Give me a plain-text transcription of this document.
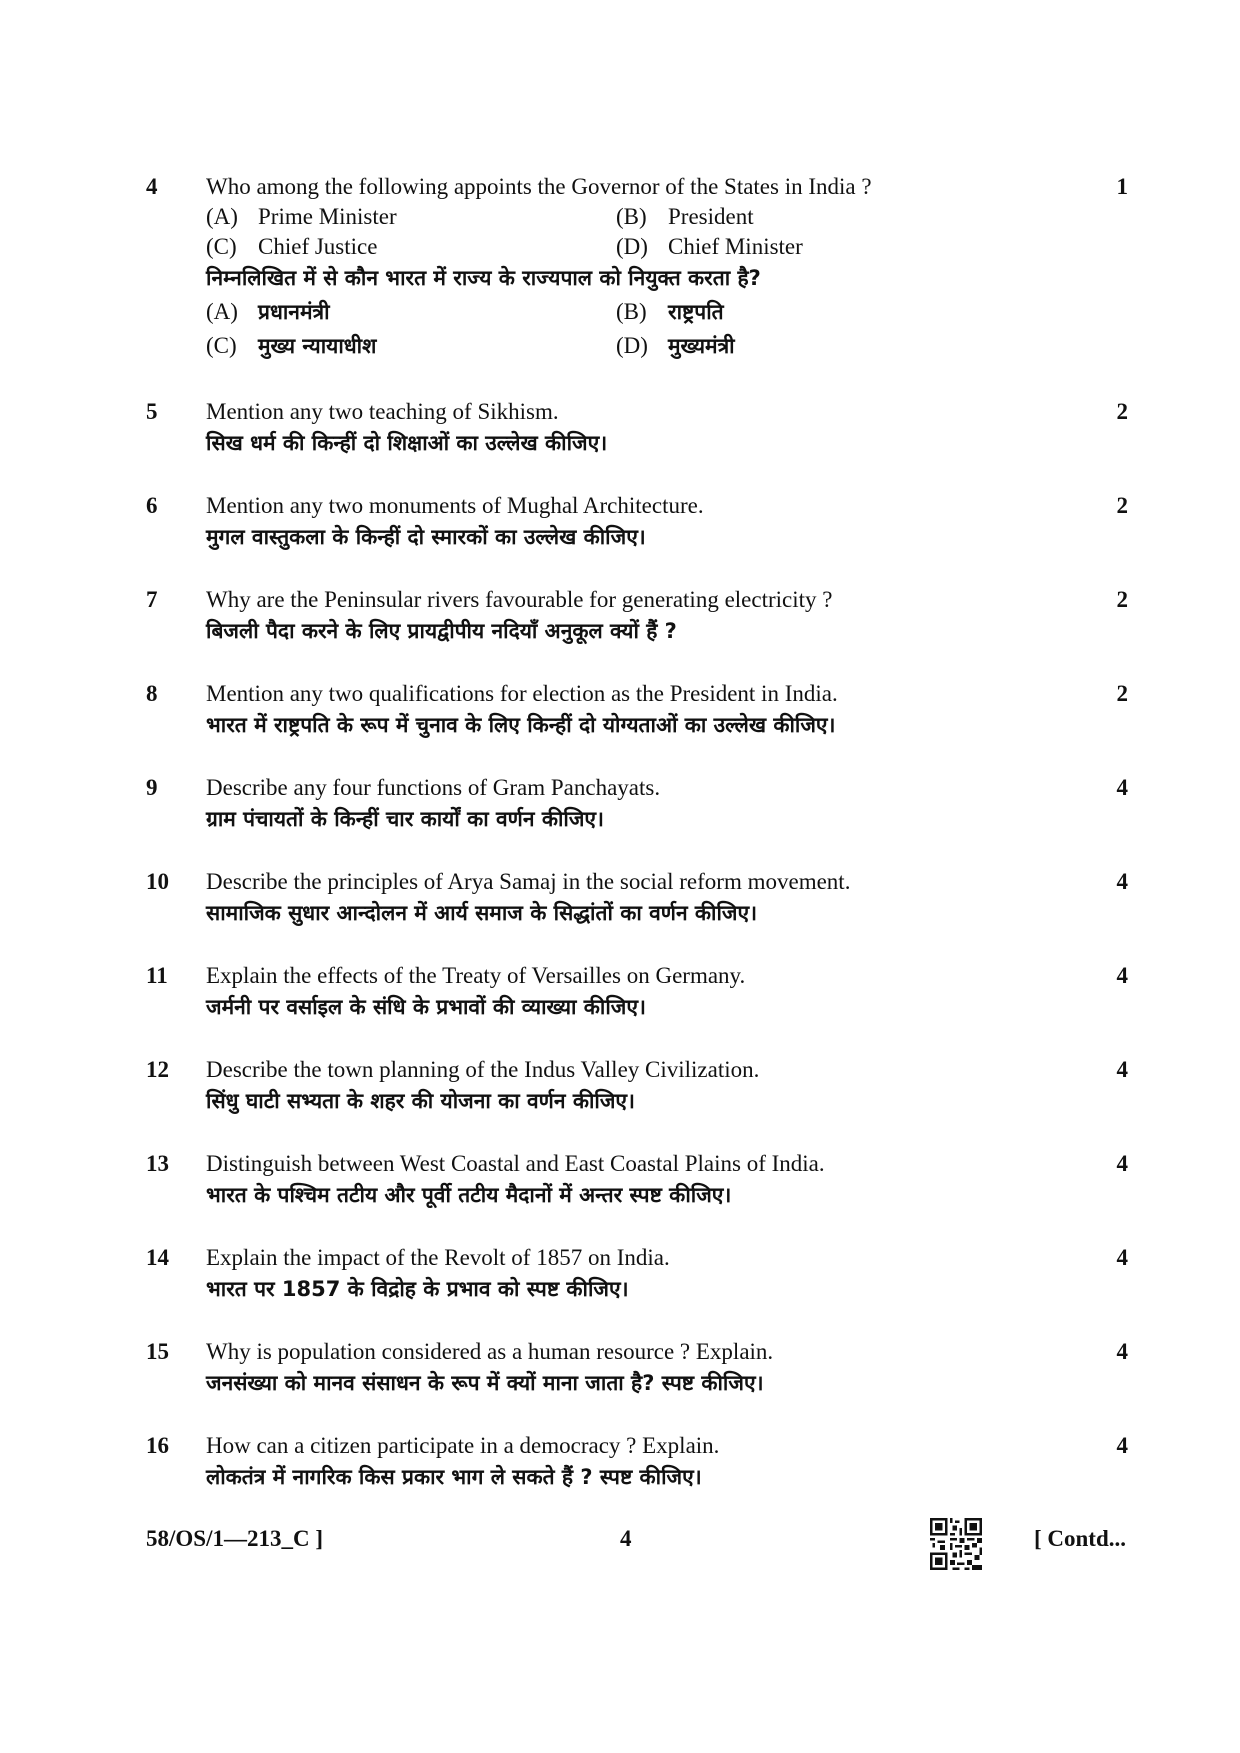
4	Who among the following appoints the Governor of the States in India ?
(A) Prime Minister	(B) President
(C) Chief Justice	(D) Chief Minister
निम्नलिखित में से कौन भारत में राज्य के राज्यपाल को नियुक्त करता है?
(A) प्रधानमंत्री	(B) राष्ट्रपति
(C) मुख्य न्यायाधीश	(D) मुख्यमंत्री
1
5	Mention any two teaching of Sikhism.
सिख धर्म की किन्हीं दो शिक्षाओं का उल्लेख कीजिए।
2
6	Mention any two monuments of Mughal Architecture.
मुगल वास्तुकला के किन्हीं दो स्मारकों का उल्लेख कीजिए।
2
7	Why are the Peninsular rivers favourable for generating electricity ?
बिजली पैदा करने के लिए प्रायद्वीपीय नदियाँ अनुकूल क्यों हैं ?
2
8	Mention any two qualifications for election as the President in India.
भारत में राष्ट्रपति के रूप में चुनाव के लिए किन्हीं दो योग्यताओं का उल्लेख कीजिए।
2
9	Describe any four functions of Gram Panchayats.
ग्राम पंचायतों के किन्हीं चार कार्यों का वर्णन कीजिए।
4
10	Describe the principles of Arya Samaj in the social reform movement.
सामाजिक सुधार आन्दोलन में आर्य समाज के सिद्धांतों का वर्णन कीजिए।
4
11	Explain the effects of the Treaty of Versailles on Germany.
जर्मनी पर वर्साइल के संधि के प्रभावों की व्याख्या कीजिए।
4
12	Describe the town planning of the Indus Valley Civilization.
सिंधु घाटी सभ्यता के शहर की योजना का वर्णन कीजिए।
4
13	Distinguish between West Coastal and East Coastal Plains of India.
भारत के पश्चिम तटीय और पूर्वी तटीय मैदानों में अन्तर स्पष्ट कीजिए।
4
14	Explain the impact of the Revolt of 1857 on India.
भारत पर 1857 के विद्रोह के प्रभाव को स्पष्ट कीजिए।
4
15	Why is population considered as a human resource ? Explain.
जनसंख्या को मानव संसाधन के रूप में क्यों माना जाता है? स्पष्ट कीजिए।
4
16	How can a citizen participate in a democracy ? Explain.
लोकतंत्र में नागरिक किस प्रकार भाग ले सकते हैं ? स्पष्ट कीजिए।
4
58/OS/1—213_C ]	4	[ Contd...
